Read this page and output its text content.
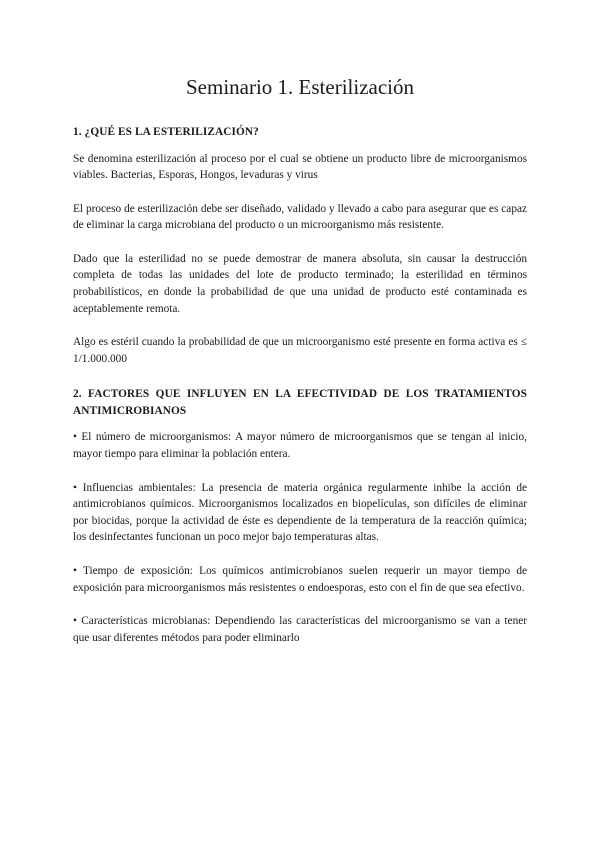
Seminario 1. Esterilización
1. ¿QUÉ ES LA ESTERILIZACIÓN?

Se denomina esterilización al proceso por el cual se obtiene un producto libre de microorganismos viables. Bacterias, Esporas, Hongos, levaduras y virus

El proceso de esterilización debe ser diseñado, validado y llevado a cabo para asegurar que es capaz de eliminar la carga microbiana del producto o un microorganismo más resistente.

Dado que la esterilidad no se puede demostrar de manera absoluta, sin causar la destrucción completa de todas las unidades del lote de producto terminado; la esterilidad en términos probabilísticos, en donde la probabilidad de que una unidad de producto esté contaminada es aceptablemente remota.

Algo es estéril cuando la probabilidad de que un microorganismo esté presente en forma activa es ≤ 1/1.000.000

2. FACTORES QUE INFLUYEN EN LA EFECTIVIDAD DE LOS TRATAMIENTOS ANTIMICROBIANOS

• El número de microorganismos: A mayor número de microorganismos que se tengan al inicio, mayor tiempo para eliminar la población entera.

• Influencias ambientales: La presencia de materia orgánica regularmente inhibe la acción de antimicrobianos químicos. Microorganismos localizados en biopelículas, son difíciles de eliminar por biocidas, porque la actividad de éste es dependiente de la temperatura de la reacción química; los desinfectantes funcionan un poco mejor bajo temperaturas altas.

• Tiempo de exposición: Los químicos antimicrobianos suelen requerir un mayor tiempo de exposición para microorganismos más resistentes o endoesporas, esto con el fin de que sea efectivo.

• Características microbianas: Dependiendo las características del microorganismo se van a tener que usar diferentes métodos para poder eliminarlo
